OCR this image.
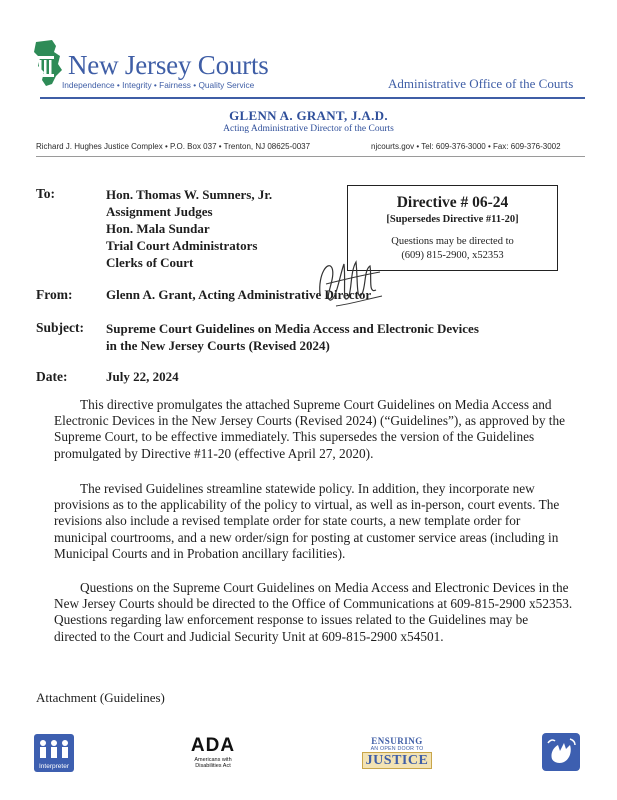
New Jersey Courts
Independence • Integrity • Fairness • Quality Service	Administrative Office of the Courts
GLENN A. GRANT, J.A.D.
Acting Administrative Director of the Courts
Richard J. Hughes Justice Complex • P.O. Box 037 • Trenton, NJ 08625-0037	njcourts.gov • Tel: 609-376-3000 • Fax: 609-376-3002
To:	Hon. Thomas W. Sumners, Jr.
Assignment Judges
Hon. Mala Sundar
Trial Court Administrators
Clerks of Court
Directive # 06-24
[Supersedes Directive #11-20]
Questions may be directed to
(609) 815-2900, x52353
From:	Glenn A. Grant, Acting Administrative Director
Subject: Supreme Court Guidelines on Media Access and Electronic Devices
in the New Jersey Courts (Revised 2024)
Date:	July 22, 2024

This directive promulgates the attached Supreme Court Guidelines on Media Access and Electronic Devices in the New Jersey Courts (Revised 2024) (“Guidelines”), as approved by the Supreme Court, to be effective immediately. This supersedes the version of the Guidelines promulgated by Directive #11-20 (effective April 27, 2020).

The revised Guidelines streamline statewide policy. In addition, they incorporate new provisions as to the applicability of the policy to virtual, as well as in-person, court events. The revisions also include a revised template order for state courts, a new template order for municipal courtrooms, and a new order/sign for posting at customer service areas (including in Municipal Courts and in Probation ancillary facilities).

Questions on the Supreme Court Guidelines on Media Access and Electronic Devices in the New Jersey Courts should be directed to the Office of Communications at 609-815-2900 x52353. Questions regarding law enforcement response to issues related to the Guidelines may be directed to the Court and Judicial Security Unit at 609-815-2900 x54501.

Attachment (Guidelines)
Interpreter
ADA
Americans with
Disabilities Act
ENSURING
AN OPEN DOOR TO
JUSTICE
